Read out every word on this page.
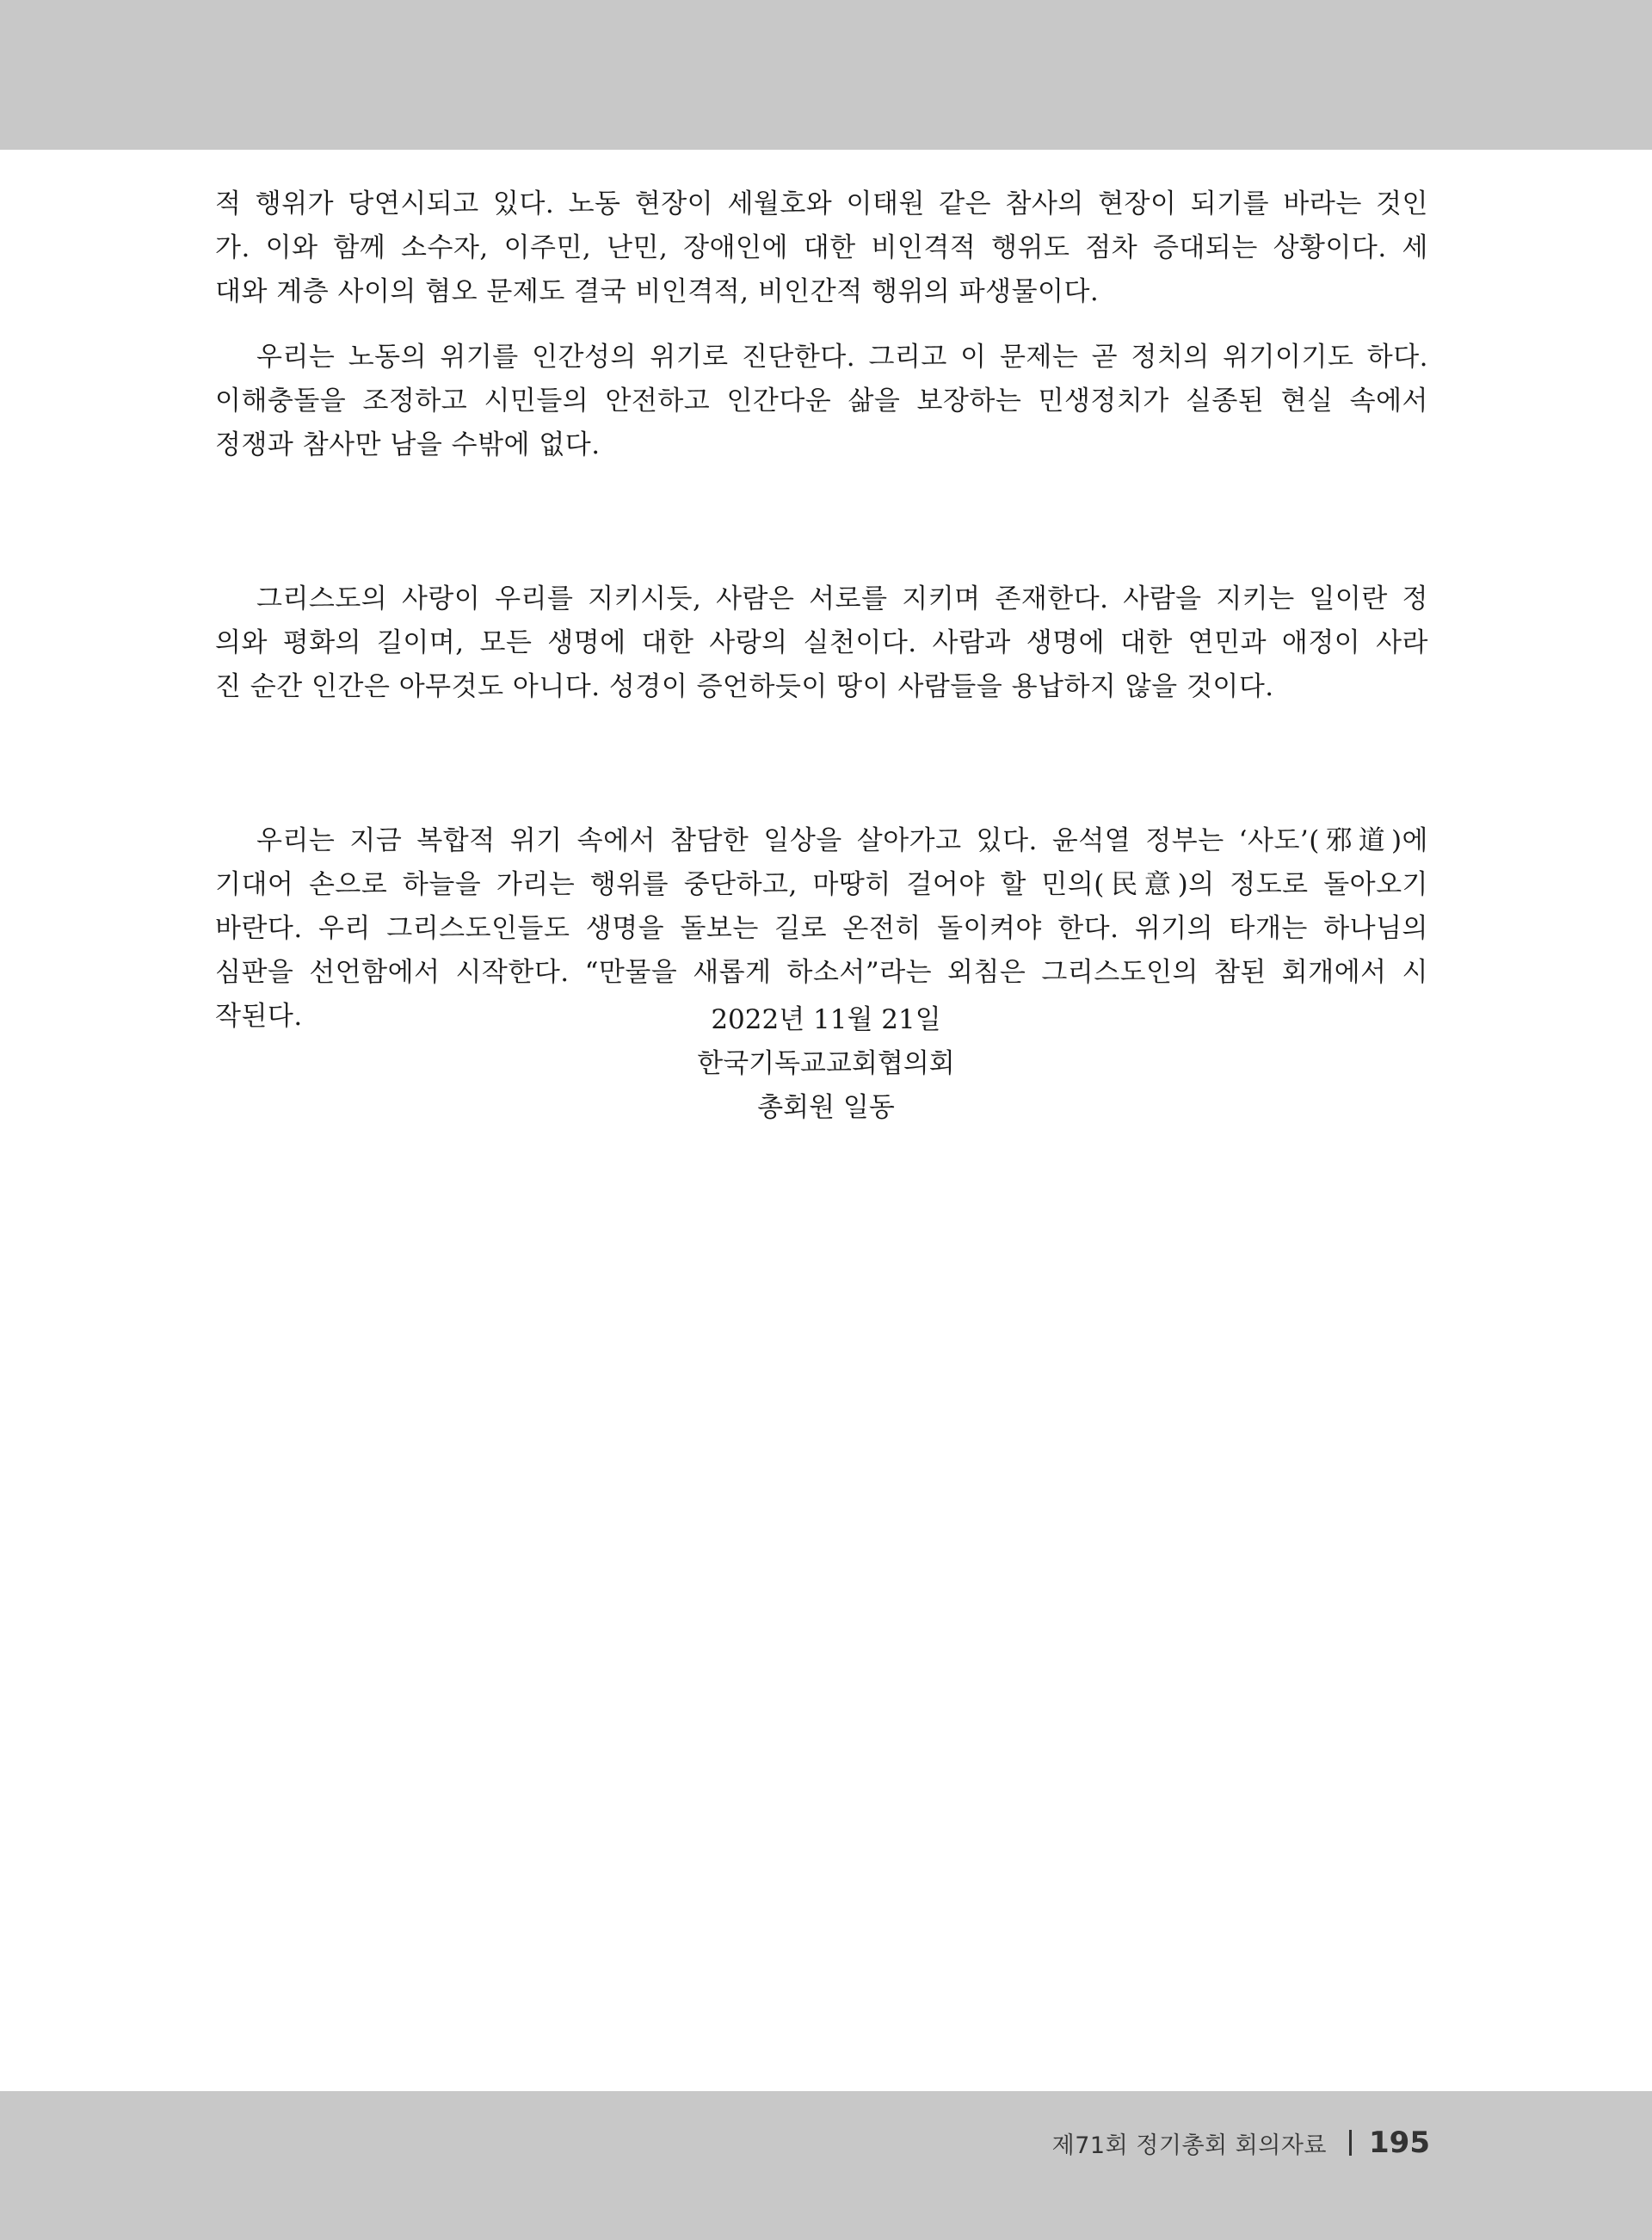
적 행위가 당연시되고 있다. 노동 현장이 세월호와 이태원 같은 참사의 현장이 되기를 바라는 것인
가. 이와 함께 소수자, 이주민, 난민, 장애인에 대한 비인격적 행위도 점차 증대되는 상황이다. 세
대와 계층 사이의 혐오 문제도 결국 비인격적, 비인간적 행위의 파생물이다.

우리는 노동의 위기를 인간성의 위기로 진단한다. 그리고 이 문제는 곧 정치의 위기이기도 하다.
이해충돌을 조정하고 시민들의 안전하고 인간다운 삶을 보장하는 민생정치가 실종된 현실 속에서
정쟁과 참사만 남을 수밖에 없다.

그리스도의 사랑이 우리를 지키시듯, 사람은 서로를 지키며 존재한다. 사람을 지키는 일이란 정
의와 평화의 길이며, 모든 생명에 대한 사랑의 실천이다. 사람과 생명에 대한 연민과 애정이 사라
진 순간 인간은 아무것도 아니다. 성경이 증언하듯이 땅이 사람들을 용납하지 않을 것이다.

우리는 지금 복합적 위기 속에서 참담한 일상을 살아가고 있다. 윤석열 정부는 ‘사도’(邪道)에
기대어 손으로 하늘을 가리는 행위를 중단하고, 마땅히 걸어야 할 민의(民意)의 정도로 돌아오기
바란다. 우리 그리스도인들도 생명을 돌보는 길로 온전히 돌이켜야 한다. 위기의 타개는 하나님의
심판을 선언함에서 시작한다. “만물을 새롭게 하소서”라는 외침은 그리스도인의 참된 회개에서 시
작된다.	2022년 11월 21일
한국기독교교회협의회
총회원 일동
제71회 정기총회 회의자료 195
